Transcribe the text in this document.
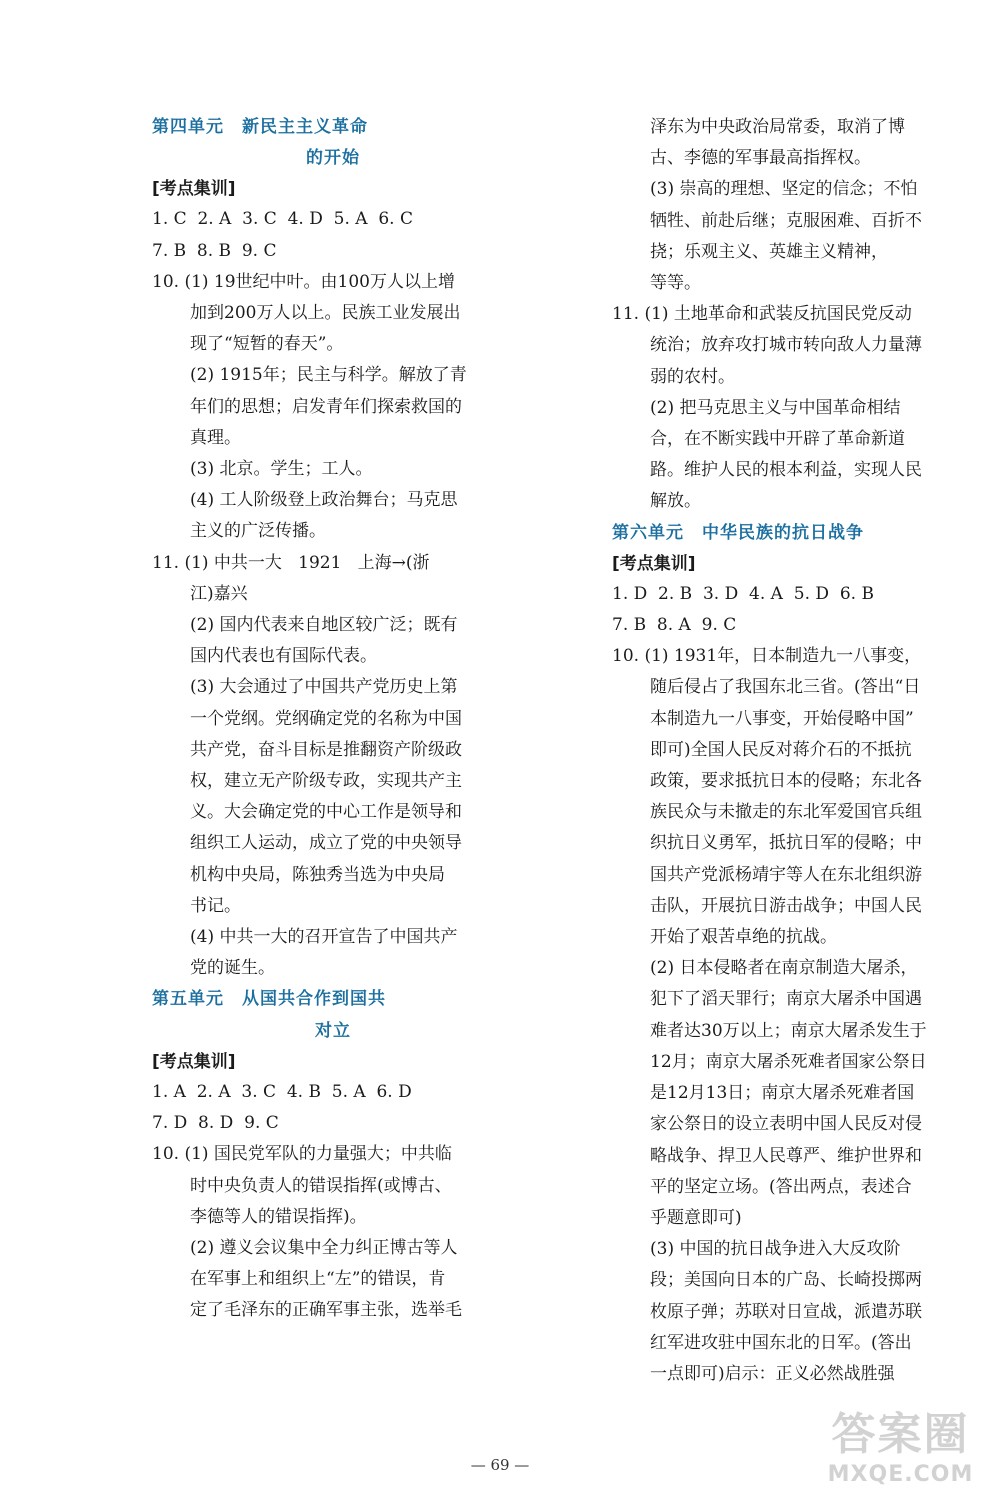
第四单元　新民主主义革命
的开始
[考点集训]
1. C  2. A  3. C  4. D  5. A  6. C
7. B  8. B  9. C
10. (1) 19世纪中叶。由100万人以上增
加到200万人以上。民族工业发展出
现了“短暂的春天”。
(2) 1915年；民主与科学。解放了青
年们的思想；启发青年们探索救国的
真理。
(3) 北京。学生；工人。
(4) 工人阶级登上政治舞台；马克思
主义的广泛传播。
11. (1) 中共一大   1921   上海→(浙
江)嘉兴
(2) 国内代表来自地区较广泛；既有
国内代表也有国际代表。
(3) 大会通过了中国共产党历史上第
一个党纲。党纲确定党的名称为中国
共产党，奋斗目标是推翻资产阶级政
权，建立无产阶级专政，实现共产主
义。大会确定党的中心工作是领导和
组织工人运动，成立了党的中央领导
机构中央局，陈独秀当选为中央局
书记。
(4) 中共一大的召开宣告了中国共产
党的诞生。
第五单元　从国共合作到国共
对立
[考点集训]
1. A  2. A  3. C  4. B  5. A  6. D
7. D  8. D  9. C
10. (1) 国民党军队的力量强大；中共临
时中央负责人的错误指挥(或博古、
李德等人的错误指挥)。
(2) 遵义会议集中全力纠正博古等人
在军事上和组织上“左”的错误，肯
定了毛泽东的正确军事主张，选举毛
泽东为中央政治局常委，取消了博
古、李德的军事最高指挥权。
(3) 崇高的理想、坚定的信念；不怕
牺牲、前赴后继；克服困难、百折不
挠；乐观主义、英雄主义精神，
等等。
11. (1) 土地革命和武装反抗国民党反动
统治；放弃攻打城市转向敌人力量薄
弱的农村。
(2) 把马克思主义与中国革命相结
合，在不断实践中开辟了革命新道
路。维护人民的根本利益，实现人民
解放。
第六单元　中华民族的抗日战争
[考点集训]
1. D  2. B  3. D  4. A  5. D  6. B
7. B  8. A  9. C
10. (1) 1931年，日本制造九一八事变，
随后侵占了我国东北三省。(答出“日
本制造九一八事变，开始侵略中国”
即可)全国人民反对蒋介石的不抵抗
政策，要求抵抗日本的侵略；东北各
族民众与未撤走的东北军爱国官兵组
织抗日义勇军，抵抗日军的侵略；中
国共产党派杨靖宇等人在东北组织游
击队，开展抗日游击战争；中国人民
开始了艰苦卓绝的抗战。
(2) 日本侵略者在南京制造大屠杀，
犯下了滔天罪行；南京大屠杀中国遇
难者达30万以上；南京大屠杀发生于
12月；南京大屠杀死难者国家公祭日
是12月13日；南京大屠杀死难者国
家公祭日的设立表明中国人民反对侵
略战争、捍卫人民尊严、维护世界和
平的坚定立场。(答出两点，表述合
乎题意即可)
(3) 中国的抗日战争进入大反攻阶
段；美国向日本的广岛、长崎投掷两
枚原子弹；苏联对日宣战，派遣苏联
红军进攻驻中国东北的日军。(答出
一点即可)启示：正义必然战胜强
— 69 —
答案圈
MXQE.COM
